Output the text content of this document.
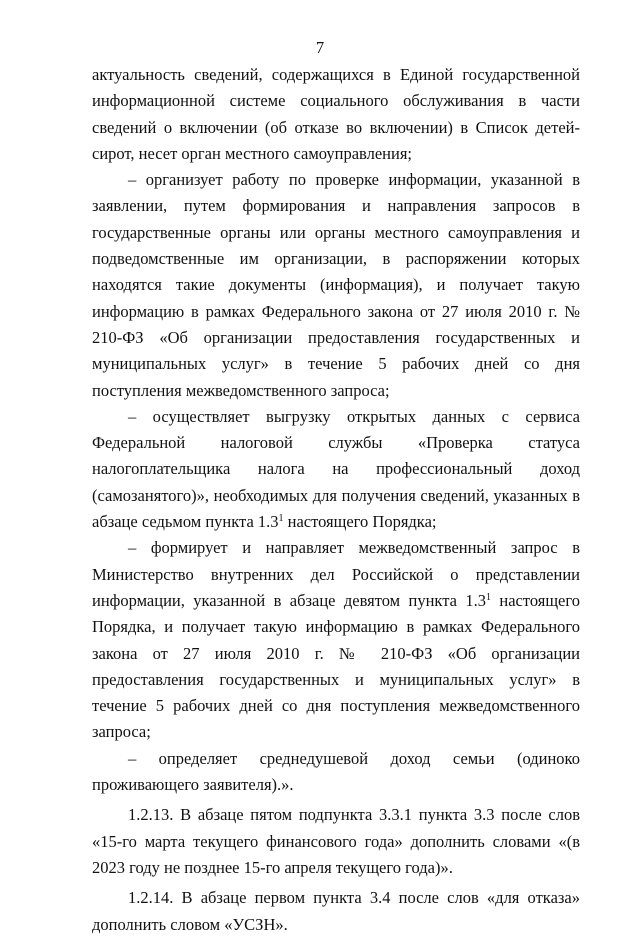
7

актуальность сведений, содержащихся в Единой государственной информационной системе социального обслуживания в части сведений о включении (об отказе во включении) в Список детей-сирот, несет орган местного самоуправления;

– организует работу по проверке информации, указанной в заявлении, путем формирования и направления запросов в государственные органы или органы местного самоуправления и подведомственные им организации, в распоряжении которых находятся такие документы (информация), и получает такую информацию в рамках Федерального закона от 27 июля 2010 г. № 210-ФЗ «Об организации предоставления государственных и муниципальных услуг» в течение 5 рабочих дней со дня поступления межведомственного запроса;

– осуществляет выгрузку открытых данных с сервиса Федеральной налоговой службы «Проверка статуса налогоплательщика налога на профессиональный доход (самозанятого)», необходимых для получения сведений, указанных в абзаце седьмом пункта $1.3^1$ настоящего Порядка;

– формирует и направляет межведомственный запрос в Министерство внутренних дел Российской о представлении информации, указанной в абзаце девятом пункта $1.3^1$ настоящего Порядка, и получает такую информацию в рамках Федерального закона от 27 июля 2010 г. № 210-ФЗ «Об организации предоставления государственных и муниципальных услуг» в течение 5 рабочих дней со дня поступления межведомственного запроса;

– определяет среднедушевой доход семьи (одиноко проживающего заявителя).».

1.2.13. В абзаце пятом подпункта 3.3.1 пункта 3.3 после слов «15-го марта текущего финансового года» дополнить словами «(в 2023 году не позднее 15-го апреля текущего года)».

1.2.14. В абзаце первом пункта 3.4 после слов «для отказа» дополнить словом «УСЗН».
